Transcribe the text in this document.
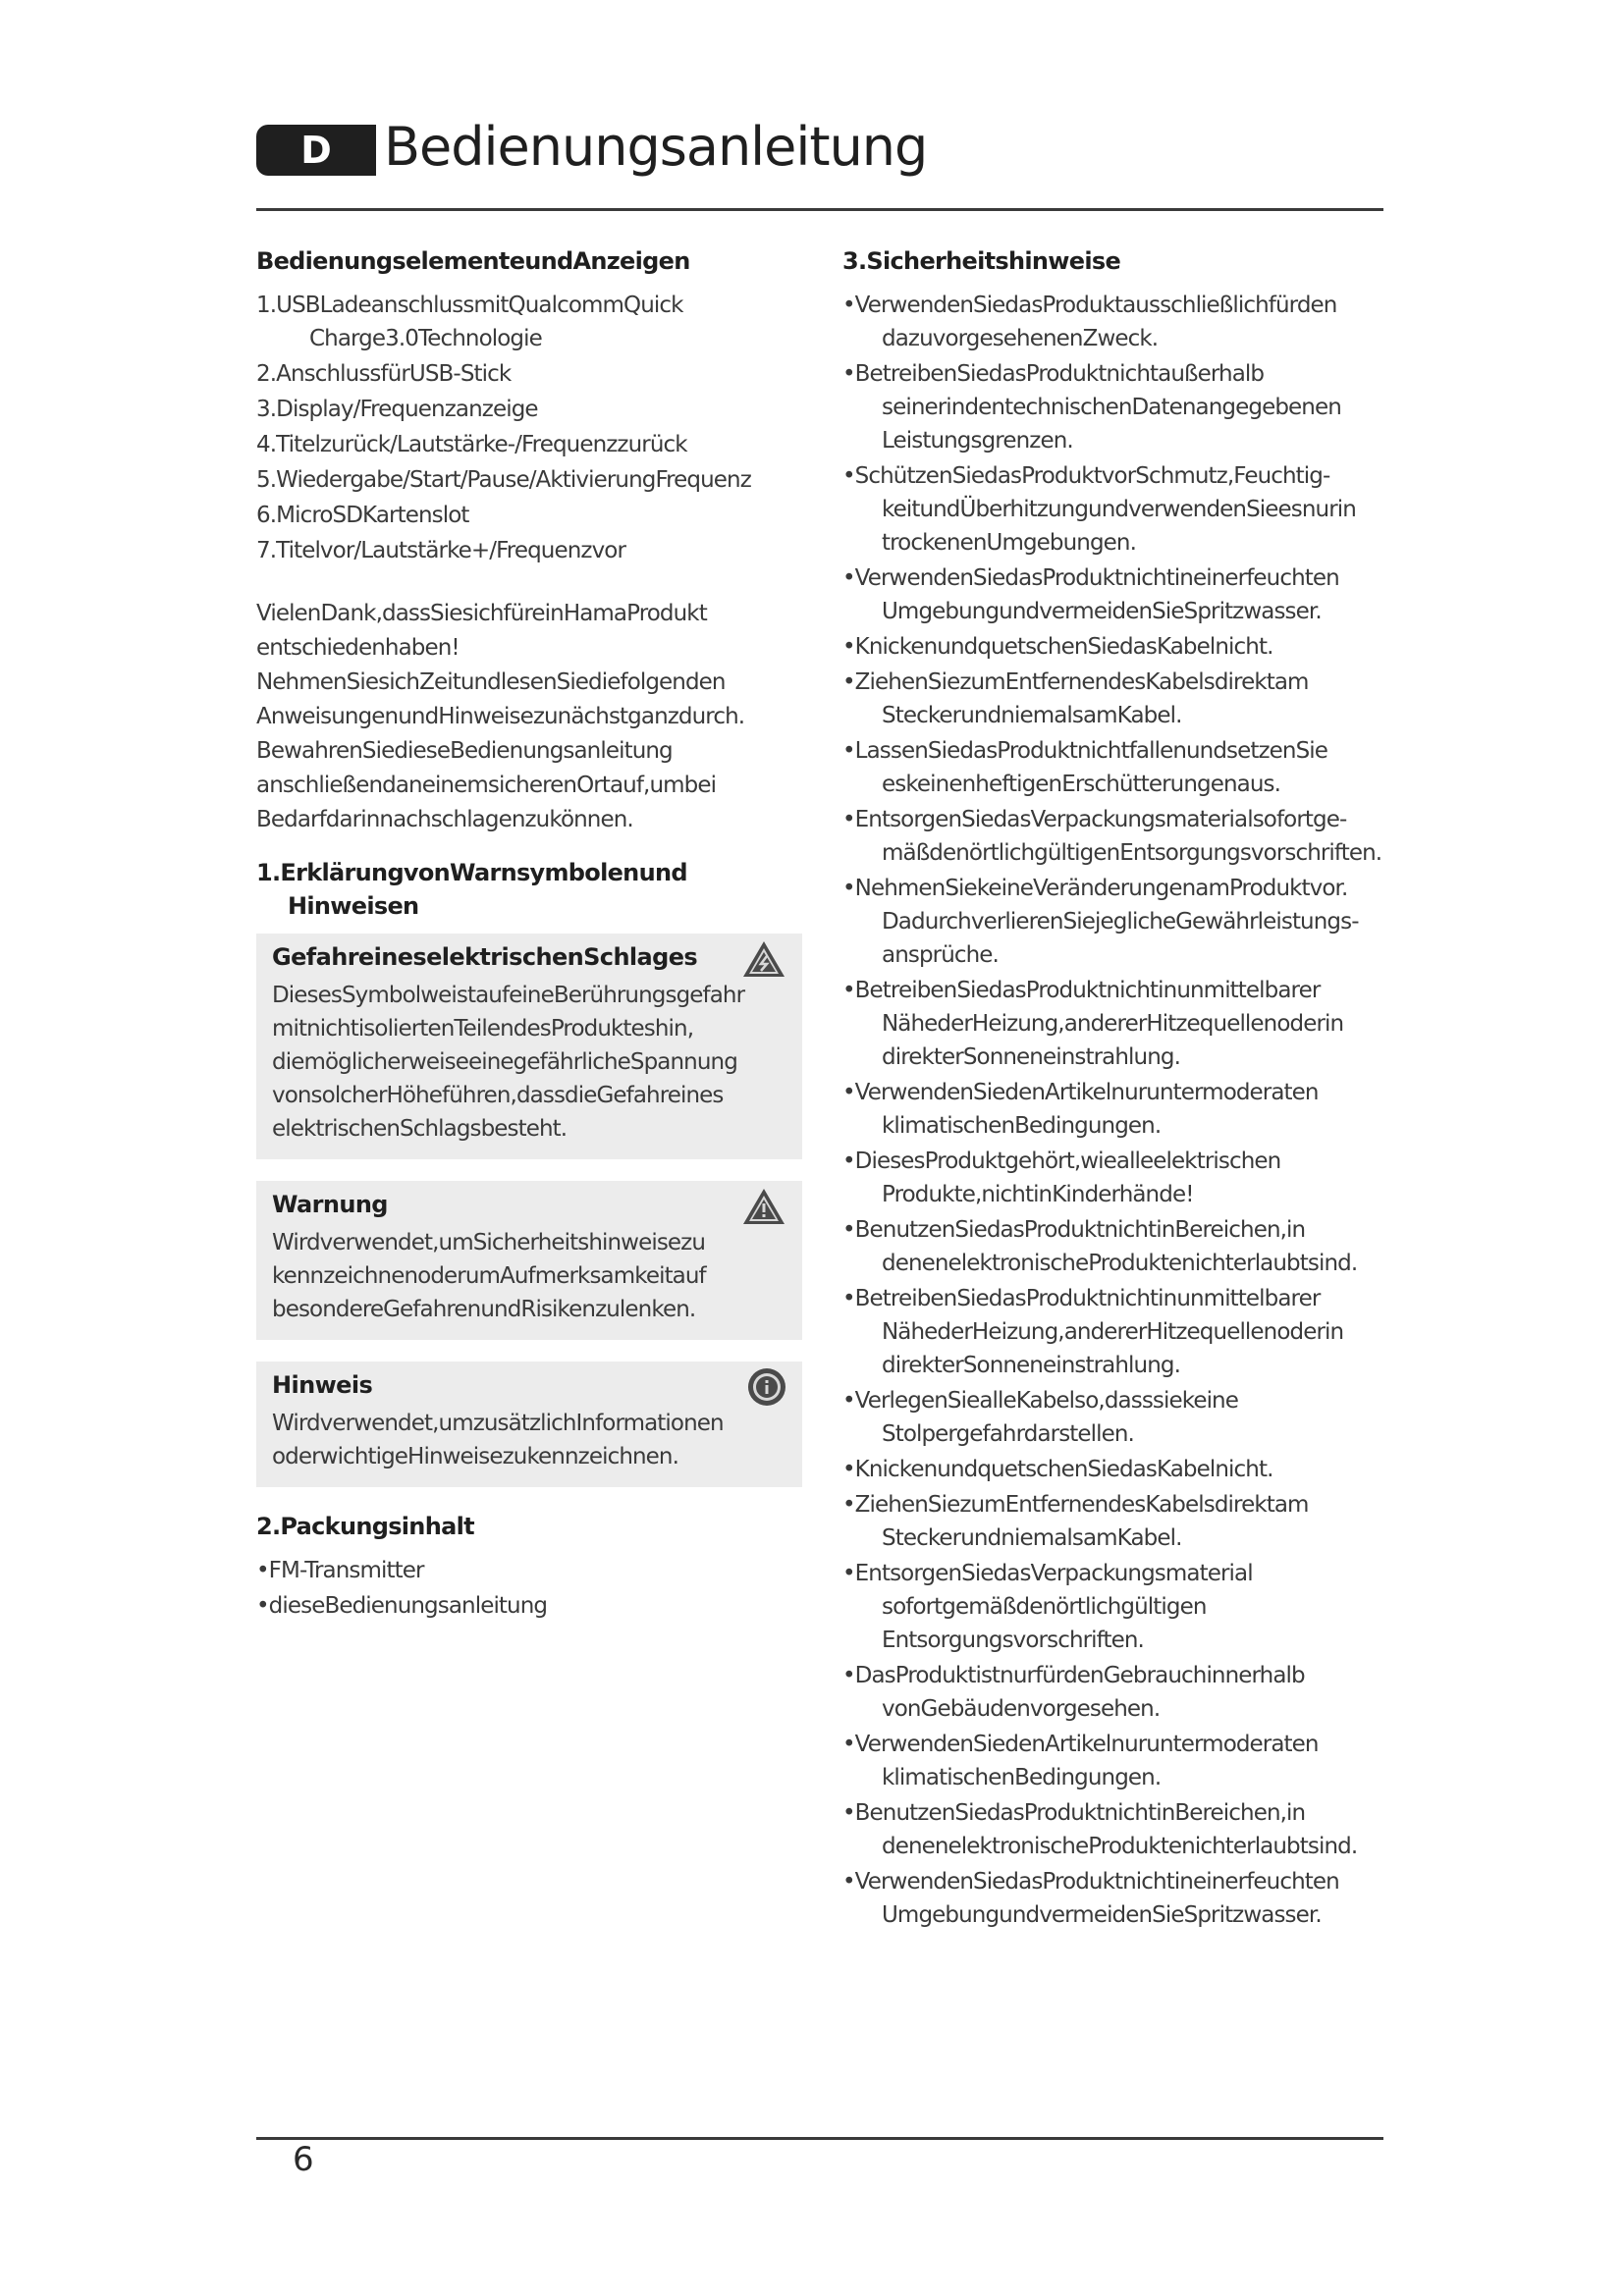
D Bedienungsanleitung
BedienungselementeundAnzeigen
1.USBLadeanschlussmitQualcommQuick
Charge3.0Technologie
2.AnschlussfürUSB-Stick
3.Display/Frequenzanzeige
4.Titelzurück/Lautstärke-/Frequenzzurück
5.Wiedergabe/Start/Pause/AktivierungFrequenz
6.MicroSDKartenslot
7.Titelvor/Lautstärke+/Frequenzvor
VielenDank,dassSiesichfüreinHamaProdukt
entschiedenhaben!
NehmenSiesichZeitundlesenSiediefolgenden
AnweisungenundHinweisezunächstganzdurch.
BewahrenSiedieseBedienungsanleitung
anschließendaneinemsicherenOrtauf,umbei
Bedarfdarinnachschlagenzukönnen.
1.ErklärungvonWarnsymbolenund
Hinweisen
GefahreineselektrischenSchlages
DiesesSymbolweistaufeineBerührungsgefahr
mitnichtisoliertenTeilendesProdukteshin,
diemöglicherweiseeinegefährlicheSpannung
vonsolcherHöheführen,dassdieGefahreines
elektrischenSchlagsbesteht.
Warnung
Wirdverwendet,umSicherheitshinweisezu
kennzeichnenoderumAufmerksamkeitauf
besondereGefahrenundRisikenzulenken.
Hinweis
Wirdverwendet,umzusätzlichInformationen
oderwichtigeHinweisezukennzeichnen.
2.Packungsinhalt
•FM-Transmitter
•dieseBedienungsanleitung
3.Sicherheitshinweise
•VerwendenSiedasProduktausschließlichfürden
dazuvorgesehenenZweck.
•BetreibenSiedasProduktnichtaußerhalb
seinerindentechnischenDatenangegebenen
Leistungsgrenzen.
•SchützenSiedasProduktvorSchmutz,Feuchtig-
keitundÜberhitzungundverwendenSieesnurin
trockenenUmgebungen.
•VerwendenSiedasProduktnichtineinerfeuchten
UmgebungundvermeidenSieSpritzwasser.
•KnickenundquetschenSiedasKabelnicht.
•ZiehenSiezumEntfernendesKabelsdirektam
SteckerundniemalsamKabel.
•LassenSiedasProduktnichtfallenundsetzenSie
eskeinenheftigenErschütterungenaus.
•EntsorgenSiedasVerpackungsmaterialsofortge-
mäßdenörtlichgültigenEntsorgungsvorschriften.
•NehmenSiekeineVeränderungenamProduktvor.
DadurchverlierenSiejeglicheGewährleistungs-
ansprüche.
•BetreibenSiedasProduktnichtinunmittelbarer
NähederHeizung,andererHitzequellenoderin
direkterSonneneinstrahlung.
•VerwendenSiedenArtikelnuruntermoderaten
klimatischenBedingungen.
•DiesesProduktgehört,wiealleelektrischen
Produkte,nichtinKinderhände!
•BenutzenSiedasProduktnichtinBereichen,in
denenelektronischeProduktenichterlaubtsind.
•BetreibenSiedasProduktnichtinunmittelbarer
NähederHeizung,andererHitzequellenoderin
direkterSonneneinstrahlung.
•VerlegenSiealleKabelso,dasssiekeine
Stolpergefahrdarstellen.
•KnickenundquetschenSiedasKabelnicht.
•ZiehenSiezumEntfernendesKabelsdirektam
SteckerundniemalsamKabel.
•EntsorgenSiedasVerpackungsmaterial
sofortgemäßdenörtlichgültigen
Entsorgungsvorschriften.
•DasProduktistnurfürdenGebrauchinnerhalb
vonGebäudenvorgesehen.
•VerwendenSiedenArtikelnuruntermoderaten
klimatischenBedingungen.
•BenutzenSiedasProduktnichtinBereichen,in
denenelektronischeProduktenichterlaubtsind.
•VerwendenSiedasProduktnichtineinerfeuchten
UmgebungundvermeidenSieSpritzwasser.
6
